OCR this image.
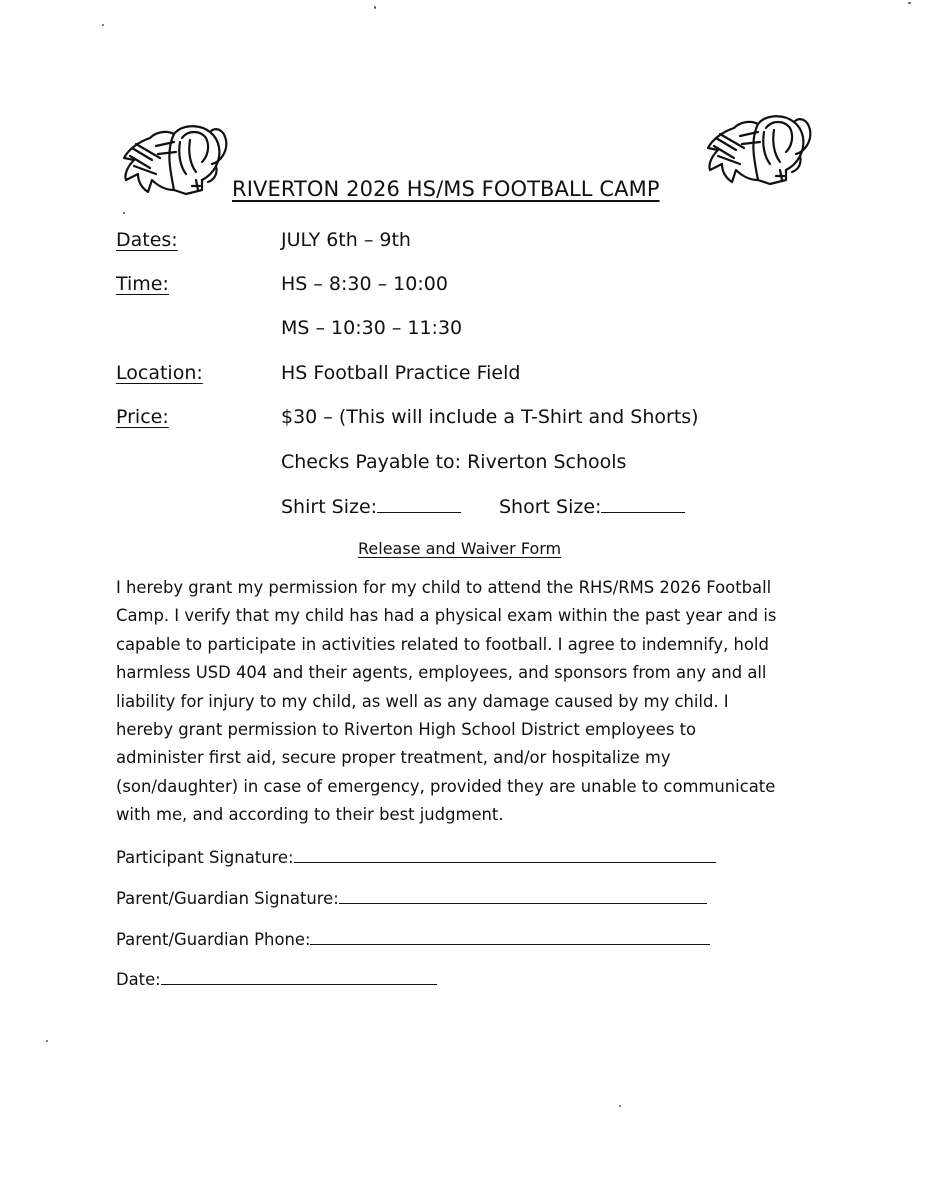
RIVERTON 2026 HS/MS FOOTBALL CAMP
Dates:	JULY 6th – 9th
Time:	HS – 8:30 – 10:00
MS – 10:30 – 11:30
Location:	HS Football Practice Field
Price:	$30 – (This will include a T-Shirt and Shorts)
Checks Payable to: Riverton Schools
Shirt Size:	Short Size:
Release and Waiver Form
I hereby grant my permission for my child to attend the RHS/RMS 2026 Football
Camp. I verify that my child has had a physical exam within the past year and is
capable to participate in activities related to football. I agree to indemnify, hold
harmless USD 404 and their agents, employees, and sponsors from any and all
liability for injury to my child, as well as any damage caused by my child. I
hereby grant permission to Riverton High School District employees to
administer first aid, secure proper treatment, and/or hospitalize my
(son/daughter) in case of emergency, provided they are unable to communicate
with me, and according to their best judgment.
Participant Signature:
Parent/Guardian Signature:
Parent/Guardian Phone:
Date:
